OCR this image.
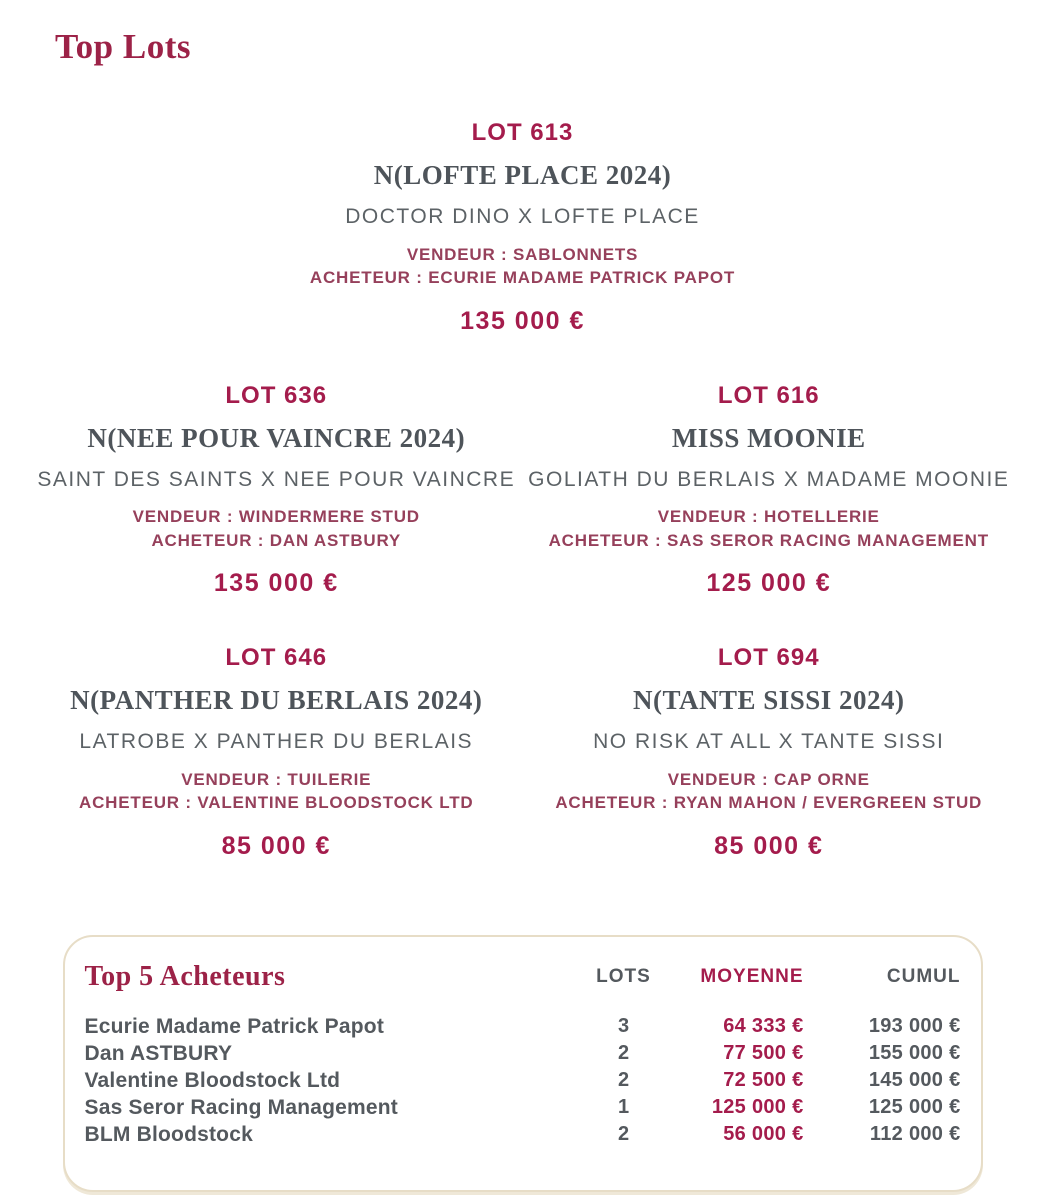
Top Lots
LOT 613
N(LOFTE PLACE 2024)
DOCTOR DINO X LOFTE PLACE
VENDEUR : SABLONNETS
ACHETEUR : ECURIE MADAME PATRICK PAPOT
135 000 €
LOT 636
N(NEE POUR VAINCRE 2024)
SAINT DES SAINTS X NEE POUR VAINCRE
VENDEUR : WINDERMERE STUD
ACHETEUR : DAN ASTBURY
135 000 €
LOT 616
MISS MOONIE
GOLIATH DU BERLAIS X MADAME MOONIE
VENDEUR : HOTELLERIE
ACHETEUR : SAS SEROR RACING MANAGEMENT
125 000 €
LOT 646
N(PANTHER DU BERLAIS 2024)
LATROBE X PANTHER DU BERLAIS
VENDEUR : TUILERIE
ACHETEUR : VALENTINE BLOODSTOCK LTD
85 000 €
LOT 694
N(TANTE SISSI 2024)
NO RISK AT ALL X TANTE SISSI
VENDEUR : CAP ORNE
ACHETEUR : RYAN MAHON / EVERGREEN STUD
85 000 €
Top 5 Acheteurs	LOTS	MOYENNE	CUMUL
Ecurie Madame Patrick Papot	3	64 333 €	193 000 €
Dan ASTBURY	2	77 500 €	155 000 €
Valentine Bloodstock Ltd	2	72 500 €	145 000 €
Sas Seror Racing Management	1	125 000 €	125 000 €
BLM Bloodstock	2	56 000 €	112 000 €
